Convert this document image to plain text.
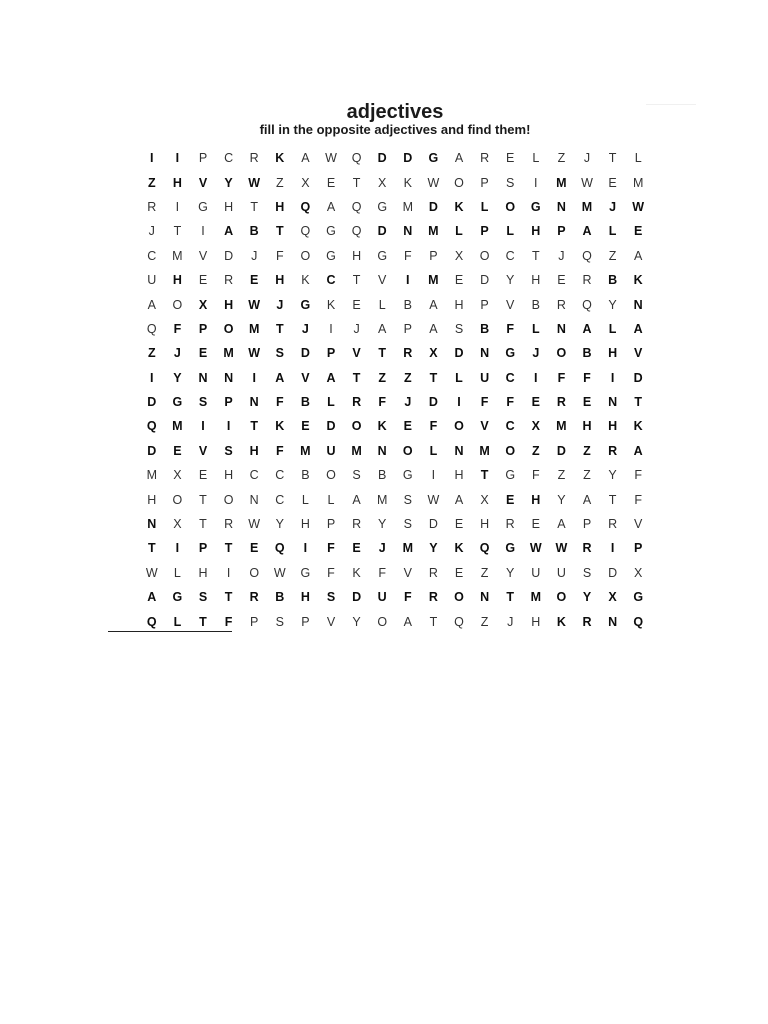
adjectives

fill in the opposite adjectives and find them!

I	I	P	C	R	K	A	W	Q	D	D	G	A	R	E	L	Z	J	T	L
Z	H	V	Y	W	Z	X	E	T	X	K	W	O	P	S	I	M	W	E	M
R	I	G	H	T	H	Q	A	Q	G	M	D	K	L	O	G	N	M	J	W
J	T	I	A	B	T	Q	G	Q	D	N	M	L	P	L	H	P	A	L	E
C	M	V	D	J	F	O	G	H	G	F	P	X	O	C	T	J	Q	Z	A
U	H	E	R	E	H	K	C	T	V	I	M	E	D	Y	H	E	R	B	K
A	O	X	H	W	J	G	K	E	L	B	A	H	P	V	B	R	Q	Y	N
Q	F	P	O	M	T	J	I	J	A	P	A	S	B	F	L	N	A	L	A
Z	J	E	M	W	S	D	P	V	T	R	X	D	N	G	J	O	B	H	V
I	Y	N	N	I	A	V	A	T	Z	Z	T	L	U	C	I	F	F	I	D
D	G	S	P	N	F	B	L	R	F	J	D	I	F	F	E	R	E	N	T
Q	M	I	I	T	K	E	D	O	K	E	F	O	V	C	X	M	H	H	K
D	E	V	S	H	F	M	U	M	N	O	L	N	M	O	Z	D	Z	R	A
M	X	E	H	C	C	B	O	S	B	G	I	H	T	G	F	Z	Z	Y	F
H	O	T	O	N	C	L	L	A	M	S	W	A	X	E	H	Y	A	T	F
N	X	T	R	W	Y	H	P	R	Y	S	D	E	H	R	E	A	P	R	V
T	I	P	T	E	Q	I	F	E	J	M	Y	K	Q	G	W	W	R	I	P
W	L	H	I	O	W	G	F	K	F	V	R	E	Z	Y	U	U	S	D	X
A	G	S	T	R	B	H	S	D	U	F	R	O	N	T	M	O	Y	X	G
Q	L	T	F	P	S	P	V	Y	O	A	T	Q	Z	J	H	K	R	N	Q
